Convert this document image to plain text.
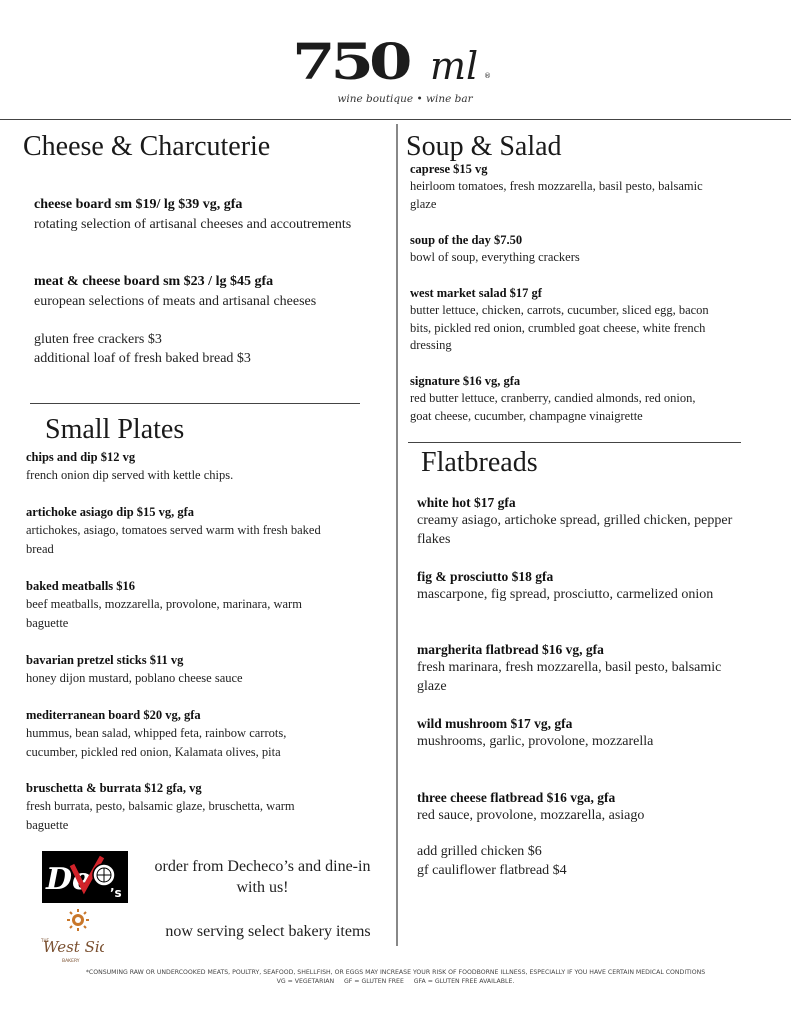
750 ml ®
wine boutique • wine bar
Cheese & Charcuterie
cheese board sm $19/ lg $39 vg, gfa
rotating selection of artisanal cheeses and accoutrements
meat & cheese board sm $23 / lg $45 gfa
european selections of meats and artisanal cheeses
gluten free crackers $3
additional loaf of fresh baked bread $3
Small Plates
chips and dip $12 vg
french onion dip served with kettle chips.
artichoke asiago dip $15 vg, gfa
artichokes, asiago, tomatoes served warm with fresh baked bread
baked meatballs $16
beef meatballs, mozzarella, provolone, marinara, warm baguette
bavarian pretzel sticks $11 vg
honey dijon mustard, poblano cheese sauce
mediterranean board $20 vg, gfa
hummus, bean salad, whipped feta, rainbow carrots, cucumber, pickled red onion, Kalamata olives, pita
bruschetta & burrata $12 gfa, vg
fresh burrata, pesto, balsamic glaze, bruschetta, warm baguette
Soup & Salad
caprese $15 vg
heirloom tomatoes, fresh mozzarella, basil pesto, balsamic glaze
soup of the day $7.50
bowl of soup, everything crackers
west market salad $17 gf
butter lettuce, chicken, carrots, cucumber, sliced egg, bacon bits, pickled red onion, crumbled goat cheese, white french dressing
signature $16 vg, gfa
red butter lettuce, cranberry, candied almonds, red onion, goat cheese, cucumber, champagne vinaigrette
Flatbreads
white hot $17 gfa
creamy asiago, artichoke spread, grilled chicken, pepper flakes
fig & prosciutto $18 gfa
mascarpone, fig spread, prosciutto, carmelized onion
margherita flatbread $16 vg, gfa
fresh marinara, fresh mozzarella, basil pesto, balsamic glaze
wild mushroom $17 vg, gfa
mushrooms, garlic, provolone, mozzarella
three cheese flatbread $16 vga, gfa
red sauce, provolone, mozzarella, asiago
add grilled chicken $6
gf cauliflower flatbread $4
De ’s
order from Decheco’s and dine-in with us!
THE
West Si
BAKERY
now serving select bakery items
*CONSUMING RAW OR UNDERCOOKED MEATS, POULTRY, SEAFOOD, SHELLFISH, OR EGGS MAY INCREASE YOUR RISK OF FOODBORNE ILLNESS, ESPECIALLY IF YOU HAVE CERTAIN MEDICAL CONDITIONS
VG = VEGETARIAN     GF = GLUTEN FREE     GFA = GLUTEN FREE AVAILABLE.
